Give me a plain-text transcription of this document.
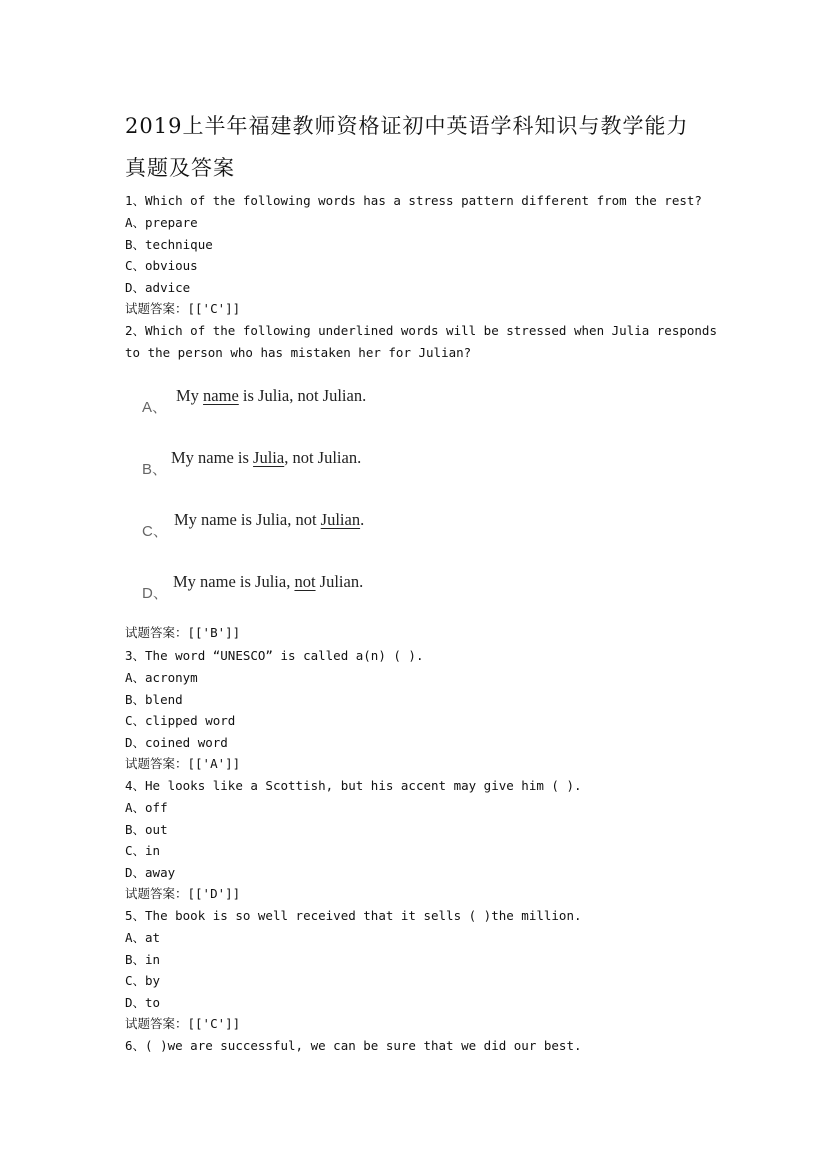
2019上半年福建教师资格证初中英语学科知识与教学能力
真题及答案
1、Which of the following words has a stress pattern different from the rest?
A、prepare
B、technique
C、obvious
D、advice
试题答案：[['C']]
2、Which of the following underlined words will be stressed when Julia responds
to the person who has mistaken her for Julian?
A、
My name is Julia, not Julian.
B、
My name is Julia, not Julian.
C、
My name is Julia, not Julian.
D、
My name is Julia, not Julian.
试题答案：[['B']]
3、The word “UNESCO” is called a(n) ( ).
A、acronym
B、blend
C、clipped word
D、coined word
试题答案：[['A']]
4、He looks like a Scottish, but his accent may give him ( ).
A、off
B、out
C、in
D、away
试题答案：[['D']]
5、The book is so well received that it sells ( )the million.
A、at
B、in
C、by
D、to
试题答案：[['C']]
6、( )we are successful, we can be sure that we did our best.
